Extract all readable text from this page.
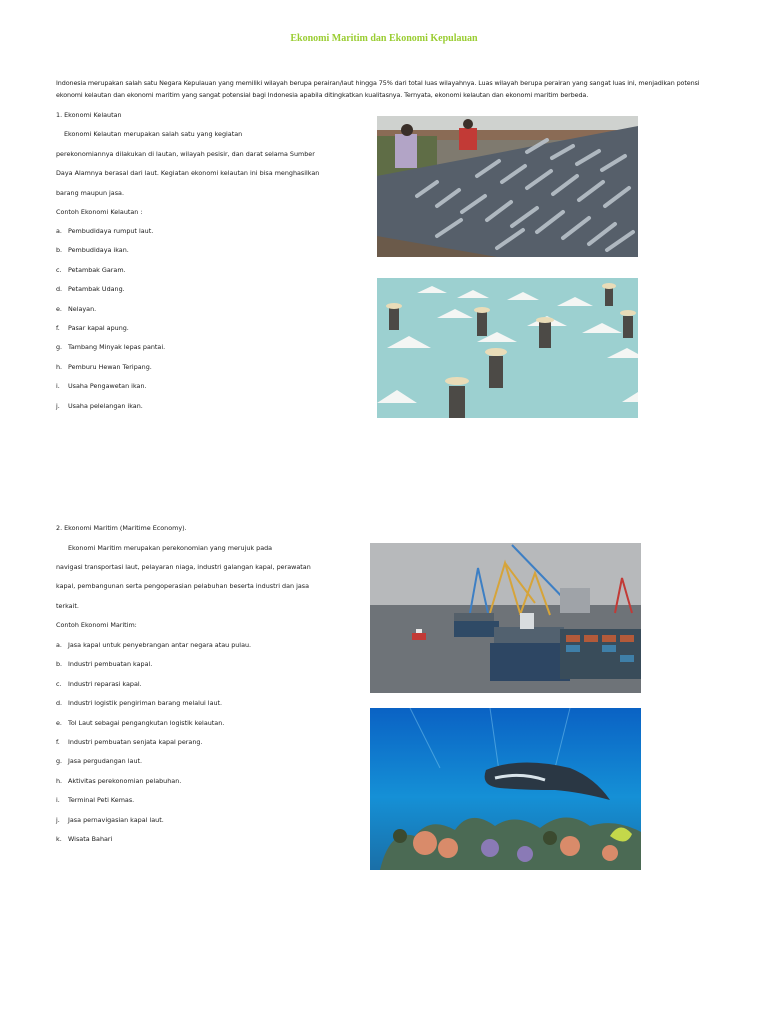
Ekonomi Maritim dan Ekonomi Kepulauan
Indonesia merupakan salah satu Negara Kepulauan yang memiliki wilayah berupa perairan/laut hingga 75% dari total luas wilayahnya. Luas wilayah berupa perairan yang sangat luas ini, menjadikan potensi ekonomi kelautan dan ekonomi maritim yang sangat potensial bagi Indonesia apabila ditingkatkan kualitasnya. Ternyata, ekonomi kelautan dan ekonomi maritim berbeda.
1. Ekonomi Kelautan
Ekonomi Kelautan merupakan salah satu yang kegiatan
perekonomiannya dilakukan di lautan, wilayah pesisir, dan darat selama Sumber
Daya Alamnya berasal dari laut. Kegiatan ekonomi kelautan ini bisa menghasilkan
barang maupun jasa.
Contoh Ekonomi Kelautan :
a. Pembudidaya rumput laut.
b. Pembudidaya ikan.
c. Petambak Garam.
d. Petambak Udang.
e. Nelayan.
f. Pasar kapal apung.
g. Tambang Minyak lepas pantai.
h. Pemburu Hewan Teripang.
i. Usaha Pengawetan ikan.
j. Usaha pelelangan ikan.
2. Ekonomi Maritim (Maritime Economy).
Ekonomi Maritim merupakan perekonomian yang merujuk pada
navigasi transportasi laut, pelayaran niaga, industri galangan kapal, perawatan
kapal, pembangunan serta pengoperasian pelabuhan beserta industri dan jasa
terkait.
Contoh Ekonomi Maritim:
a. Jasa kapal untuk penyebrangan antar negara atau pulau.
b. Industri pembuatan kapal.
c. Industri reparasi kapal.
d. Industri logistik pengiriman barang melalui laut.
e. Tol Laut sebagai pengangkutan logistik kelautan.
f. Industri pembuatan senjata kapal perang.
g. Jasa pergudangan laut.
h. Aktivitas perekonomian pelabuhan.
i. Terminal Peti Kemas.
j. Jasa pernavigasian kapal laut.
k. Wisata Bahari
